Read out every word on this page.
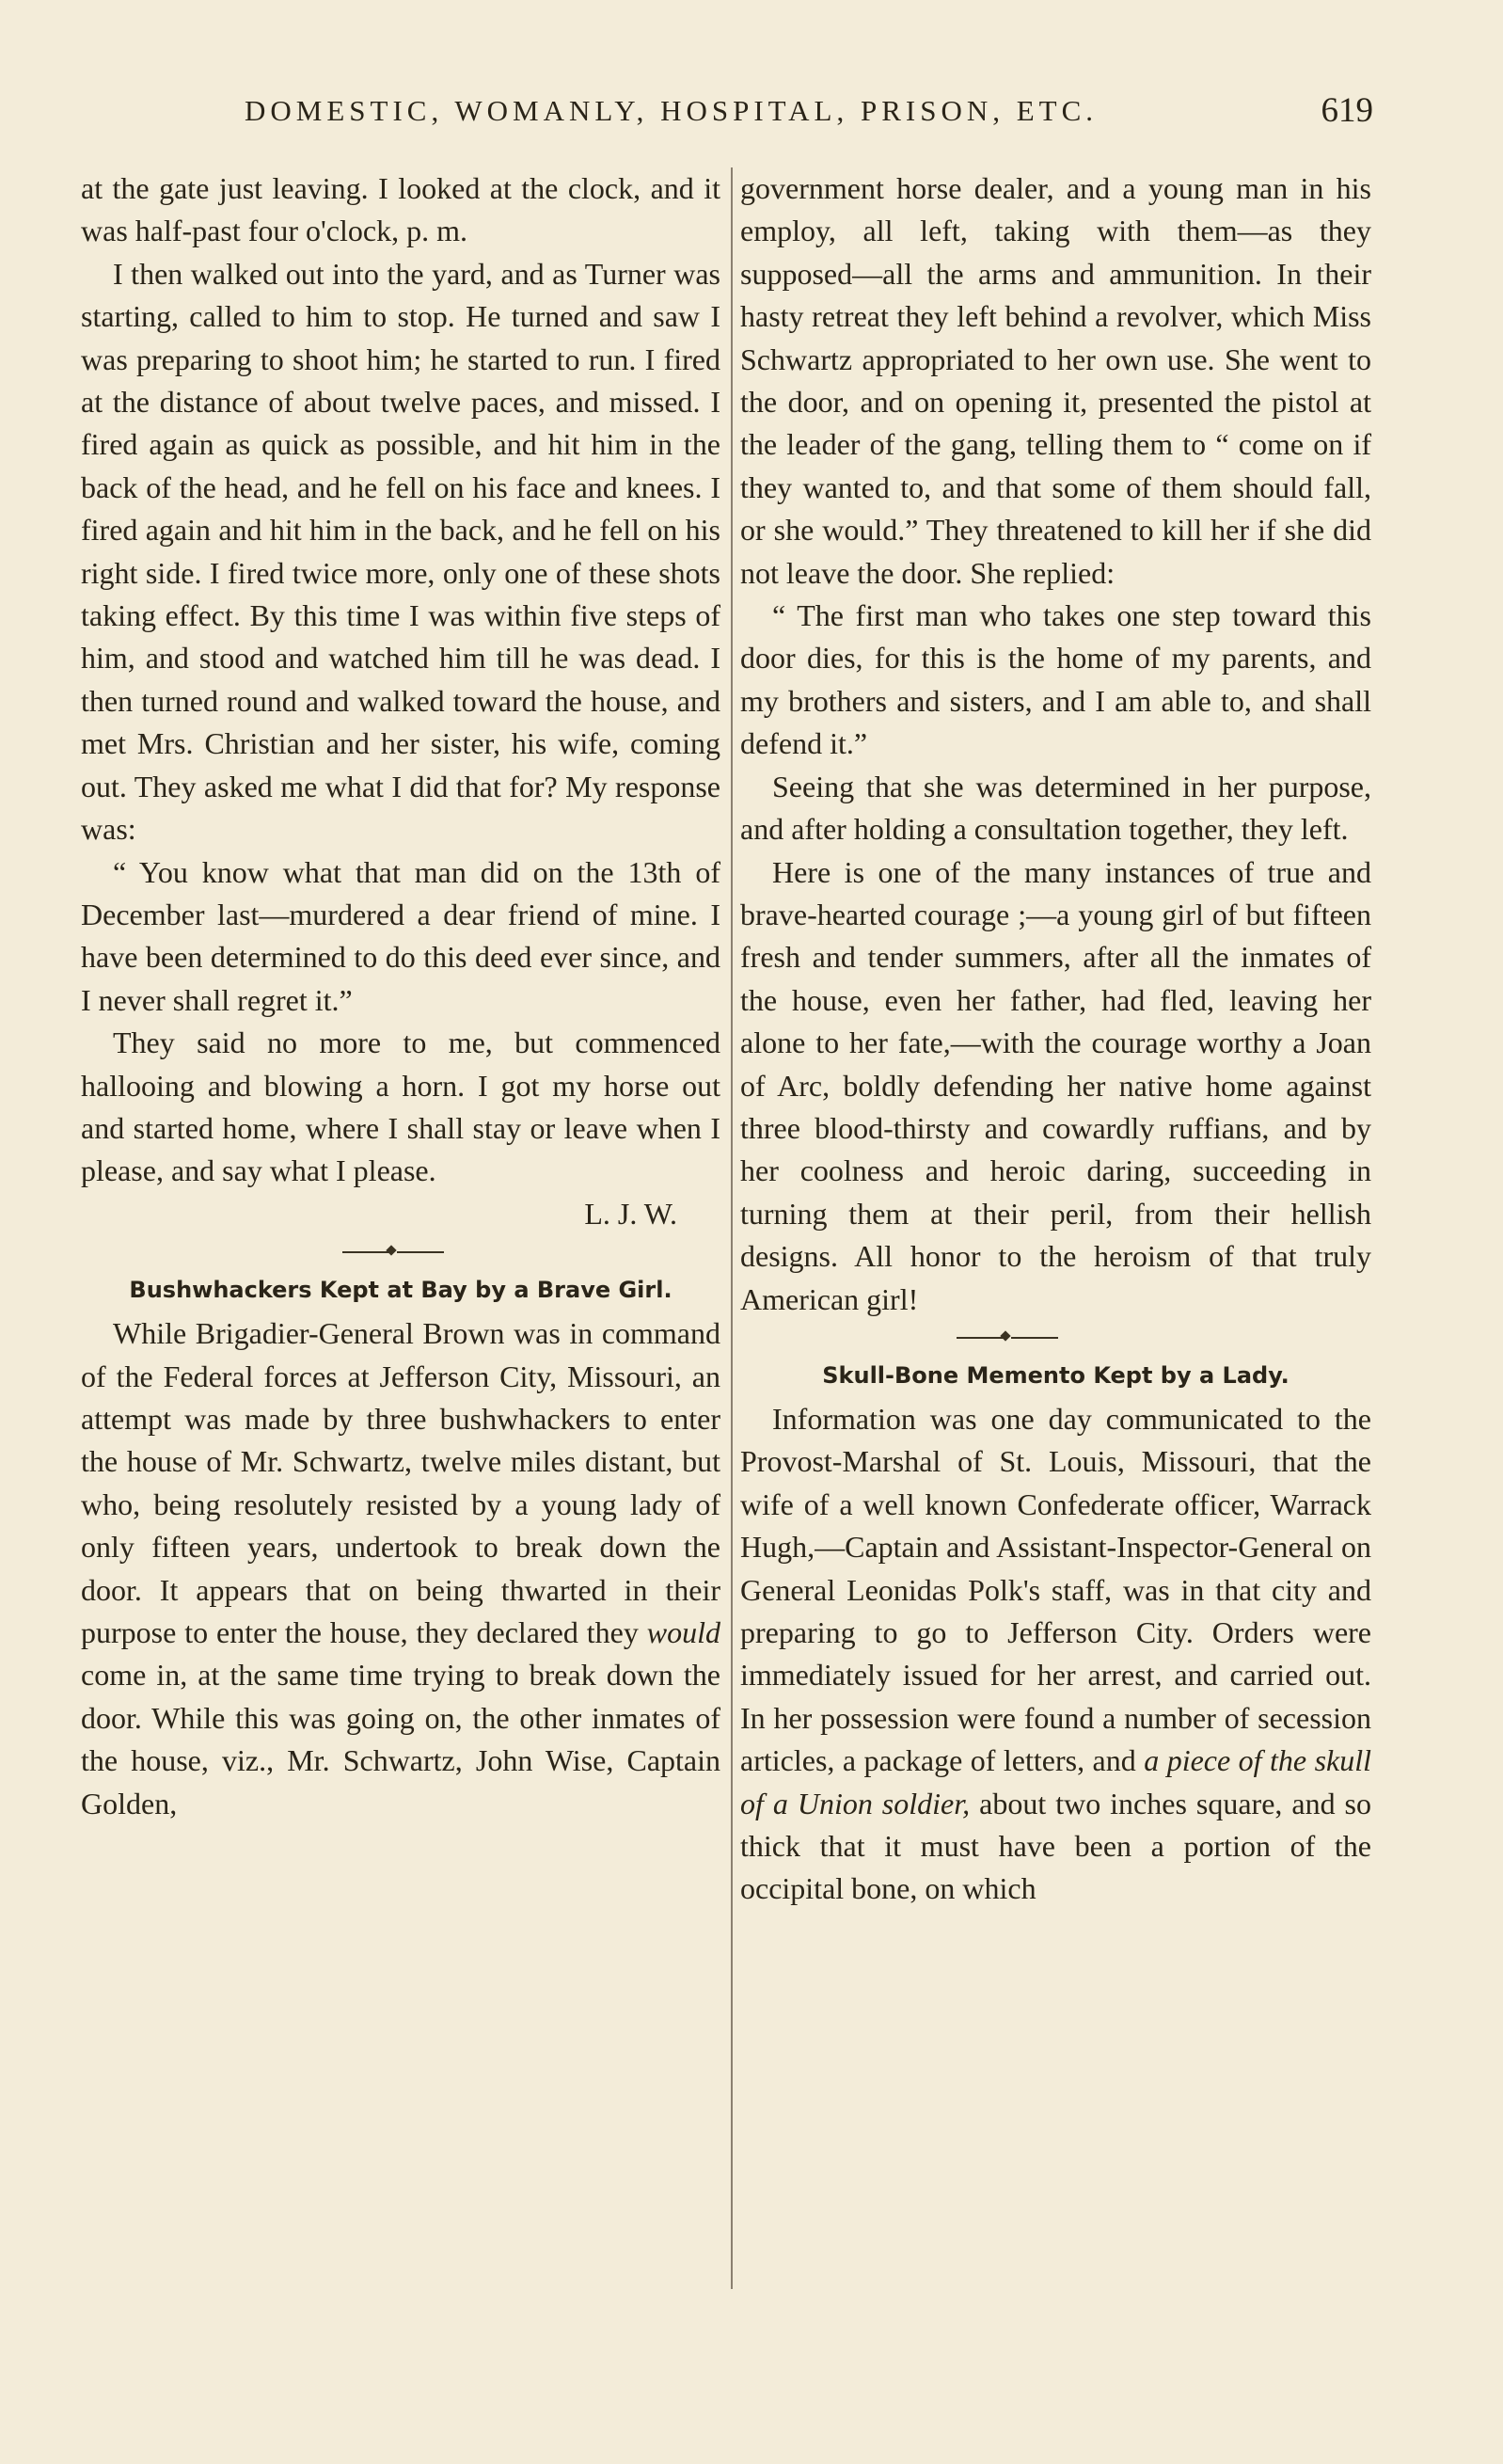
DOMESTIC, WOMANLY, HOSPITAL, PRISON, ETC.	619

at the gate just leaving. I looked at the clock, and it was half-past four o'clock, p. m.

I then walked out into the yard, and as Turner was starting, called to him to stop. He turned and saw I was preparing to shoot him; he started to run. I fired at the distance of about twelve paces, and missed. I fired again as quick as possible, and hit him in the back of the head, and he fell on his face and knees. I fired again and hit him in the back, and he fell on his right side. I fired twice more, only one of these shots taking effect. By this time I was within five steps of him, and stood and watched him till he was dead. I then turned round and walked toward the house, and met Mrs. Christian and her sister, his wife, coming out. They asked me what I did that for? My response was:

“ You know what that man did on the 13th of December last—murdered a dear friend of mine. I have been determined to do this deed ever since, and I never shall regret it.”

They said no more to me, but commenced hallooing and blowing a horn. I got my horse out and started home, where I shall stay or leave when I please, and say what I please.

L. J. W.

Bushwhackers Kept at Bay by a Brave Girl.

While Brigadier-General Brown was in command of the Federal forces at Jefferson City, Missouri, an attempt was made by three bushwhackers to enter the house of Mr. Schwartz, twelve miles distant, but who, being resolutely resisted by a young lady of only fifteen years, undertook to break down the door. It appears that on being thwarted in their purpose to enter the house, they declared they would come in, at the same time trying to break down the door. While this was going on, the other inmates of the house, viz., Mr. Schwartz, John Wise, Captain Golden,

government horse dealer, and a young man in his employ, all left, taking with them—as they supposed—all the arms and ammunition. In their hasty retreat they left behind a revolver, which Miss Schwartz appropriated to her own use. She went to the door, and on opening it, presented the pistol at the leader of the gang, telling them to “ come on if they wanted to, and that some of them should fall, or she would.” They threatened to kill her if she did not leave the door. She replied:

“ The first man who takes one step toward this door dies, for this is the home of my parents, and my brothers and sisters, and I am able to, and shall defend it.”

Seeing that she was determined in her purpose, and after holding a consultation together, they left.

Here is one of the many instances of true and brave-hearted courage ;—a young girl of but fifteen fresh and tender summers, after all the inmates of the house, even her father, had fled, leaving her alone to her fate,—with the courage worthy a Joan of Arc, boldly defending her native home against three blood-thirsty and cowardly ruffians, and by her coolness and heroic daring, succeeding in turning them at their peril, from their hellish designs. All honor to the heroism of that truly American girl!

Skull-Bone Memento Kept by a Lady.

Information was one day communicated to the Provost-Marshal of St. Louis, Missouri, that the wife of a well known Confederate officer, Warrack Hugh,—Captain and Assistant-Inspector-General on General Leonidas Polk's staff, was in that city and preparing to go to Jefferson City. Orders were immediately issued for her arrest, and carried out. In her possession were found a number of secession articles, a package of letters, and a piece of the skull of a Union soldier, about two inches square, and so thick that it must have been a portion of the occipital bone, on which
